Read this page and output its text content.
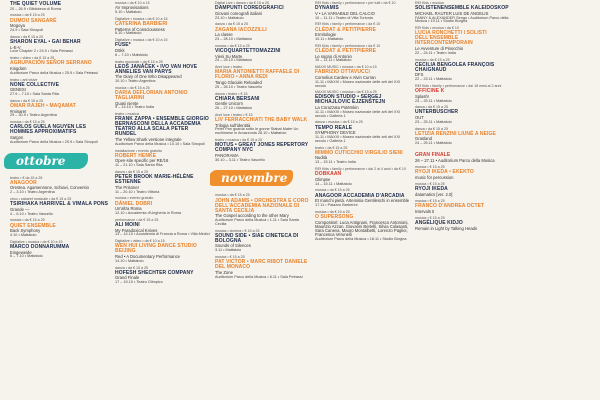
THE QUIET VOLUME
20 – 26.9 • Biblioteca di Roma
musica • da € 15 a 25
DUMOU SANGARÉ
Mogoya
24.9 • Sala Sinopoli
danza • da € 15 a 20
SHARON EYAL • GAI BEHAR
L-E-V
Love Chapter 2 • 24.9 • Sala Petrassi
teatro • video • da € 15 a 25
AGRUPACIÓN SEÑOR SERRANO
Kingdom
Auditorium Parco della Musica • 25.9 • Sala Petrassi
teatro • arti visive
NONE COLLECTIVE
GENESI
27.9 – 7.10 • Sala Santa Rita
danza • da € 15 a 25
OMAR RAJEH • MAQAMAT
#minaret
29 – 30.9 • Teatro Argentina
musica • da € 15 a 25
CARLOS GUELA NGUYEN LES HOMMES APPROXIMATIFS
Saïgon
Auditorium Parco della Musica • 29.9 • Sala Sinopoli
ottobre
teatro • € da 15 a 25
ANAGOOR
Orestea. Agamennone, Schiavi, Conversio
2 – 3.10 • Teatro Argentina
circo • cabaret musicale • da € 15 a 25
TSIRIHAKA HARRIVEL & VIMALA PONS
Grande —
4 – 6.10 • Teatro Vascello
musica • da € 15 a 25
QUIET ENSEMBLE
Back Symphony
4.10 • Mattatoio
Digitalive • musica • da € 10 a 15
MARCO DONNARUMMA
Eingeweide
6 – 7.10 • Mattatoio
musica • da € 10 a 15
AV Improvisations
5.10 • Mattatoio
Digitalive • musica • da € 10 a 15
CATERINA BARBIERI
Patterns of Consciousness
6.10 • Mattatoio
Digitalive • musica • da € 10 a 15
FUSE*
Dökk
6 – 7.10 • Mattatoio
teatro musicale • da € 15 a 25
LEOŠ JANÁČEK • IVO VAN HOVE ANNELIES VAN PARYS
The Diary of One Who Disappeared
10.10 • Teatro Argentina
musica • da € 15 a 25
DARIA DEFLORIAN ANTONIO TAGLIARINI
Quasi niente
9 – 14.10 • Teatro India
teatro • musica
FRANK ZAPPA • ENSEMBLE GIORGIO BERNASCONI DELLA ACCADEMIA TEATRO ALLA SCALA PETER RUNDEL
The Yellow Shark versione integrale
Auditorium Parco della Musica • 10.10 • Sala Sinopoli
installazione • evento gratuito
ROBERT HENKE
Open-site specific per RE/18
11 – 21.10 • Sala Santa Rita
danza • da € 15 a 25
PETER BROOK MARIE-HÉLÈNE ESTIENNE
The Prisoner
11 – 20.10 • Teatro Vittoria
musica • evento gratuito
DÁNIEL DOBRI
Un'altra Roma
12.10 • Accademia d'Ungheria in Roma
performance • da € 15 a 25
ALI MOINI
My Paradoxical Knives
13 – 14.10 • Accademia di Francia a Roma • Villa Medici
Digitalive • video • da € 10 a 15
WEN HUI LIVING DANCE STUDIO BEIJING
Red • A Documentary Performance
14.10 • Mattatoio
danza • da € 15 a 25
HOFESH SHECHTER COMPANY
Grand Finale
17 – 19.10 • Teatro Olimpico
Digital Live • danza • da € 15 a 25
DAMPUNTI COREOGRAFICI
Giovani coreografi italiani
23.10 • Mattatoio
danza • da € 15 a 25
ZAGANA IACOZZILLI
La classe
23 – 28.10 • Mattatoio
musica • da € 15 a 25
VICOQUARTETTOMAZZINI
Vieni Su Marte
24 – 25.10 • Mattatoio
Anni luce • teatro
MARIA ANTONIETTI RAFFAELE DI FLORIO • ANNA REDI
Tango Glaciale Reloaded
25 – 28.10 • Teatro Vascello
danza • teatro • € 15
CHIARA BERSANI
Gentle Unicorn
26 – 27.10 • Mattatoio
Anni luce • teatro • € 15
LIV FERRACCHIATI THE BABY WALK
Trilogia sull'identità
Peter Pan guarda sotto le gonne Stabat Mater Un eschimese in Amazzonia 28.10 • Mattatoio
teatro • musica • da € 15 a 25
MOTUS • GREAT JONES REPERTORY COMPANY NYC
PANORAMA
30.10 – 3.11 • Teatro Vascello
novembre
musica • da € 15 a 25
JOHN ADAMS • ORCHESTRA E CORO DELL'ACCADEMIA NAZIONALE DI SANTA CECILIA
The Gospel according to the other Mary
Auditorium Parco della Musica • 1.11 • Sala Santa Cecilia
musica • cinema • € 15 a 25
SOUND SIDE • SIAE CINETECA DI BOLOGNA
Sounds of Silences
3.11 • Mattatoio
musica • € 15 a 25
PAT VICTOR • MARC RIBOT DANIELE DEL MONACO
The Zone
Auditorium Parco della Musica • 6.11 • Sala Petrassi
REf Kids • family • performance • per tutti • da € 10
DYNAMIS
V • LA VARIABILE DEL CALCIO
10 – 11.11 • Teatro di Villa Torlonia
REf Kids • family • performance • da € 10
CLÉDAT & PETITPIERRE
Ermitologie
10.11 • Mattatoio
REf Kids • family • performance • da € 10
CLÉDAT & PETITPIERRE
Le sogno di Antonio
10 – 11.11 • Mattatoio
MAXXI MUSIC • musica • da € 10 a 15
FABRIZIO OTTAVUCCI
Cornelius Cardew e Alvin Curran
11.11 • MAXXI • Museo nazionale delle arti del XXI secolo
MAXXI MUSIC • musica • da € 15 a 25
EDISON STUDIO • SERGEJ MICHAJLOVIC ĖJZENŠTEJN
La Corazzata Potëmkin
11.11 • MAXXI • Museo nazionale delle arti del XXI secolo • Galleria 1
danza • musica • da € 15 a 25
TEMPO REALE
SYMPHONY DEVICE
11.11 • MAXXI • Museo nazionale delle arti del XXI secolo • Galleria 1
teatro • da € 15 a 25
MIMMO CUTICCHIO VIRGILIO SIENI
Nudità
13 – 15.11 • Teatro India
REf Kids • family • performance • dai 2 ai 4 anni • da € 10
DOBKAAN
Glimpse
14 – 15.11 • Mattatoio
musica • da € 15 a 25
ANAGOOR ACCADEMIA D'ARCADIA
Et manchi pietà. Artemisia Gentileschi in ensemble
17.11 • Palazzo Barberini
musica • da € 15 a 25
O SUPERSONG
Compositori: Luca Antignani, Francesco Antonioni, Maurizio Azzan, Giovanni Bertelli, Silvia Colasanti, Sara Caneva, Mauro Montalbetti, Lorenzo Pagliei, Francesca Verunelli
Auditorium Parco della Musica • 18.11 • Studio Borgna
REf Kids • musica
SOLISTENENSEMBLE KALEIDOSKOP
MICHAEL RAUTER LUIS DE ANGELIS
FANNY & ALEXANDER Sengo • Auditorium Parco della Musica • 19.11 • Studio Borgna
REf Kids • musica • da € 10
LUCIA RONCHETTI I SOLISTI DELL'ENSEMBLE INTERCONTEMPORAIN
Le Avventure di Pinocchio
22 – 24.11 • Teatro India
musica • da € 15 a 25
CECILIA BENGOLEA FRANÇOIS CHAIGNAUD
DFS
22 – 23.11 • Mattatoio
REf Kids • family • performance • dai 18 mesi ai 2 anni
OFFICINE K
Splash!
23 – 25.11 • Mattatoio
danza • da € 15 a 25
UNTERBUSCHER
OUT
23 – 25.11 • Mattatoio
danza • da € 15 a 25
LETIZIA RENZINI LIUNÉ A NEIGE
Grasland
24 – 25.11 • Mattatoio
GRAN FINALE
26 – 27.11 • Auditorium Parco della Musica
musica • € 15 a 25
RYOJI IKEDA • EKEKTO
music for percussion
musica • € 15 a 25
RYOJI IKEDA
datamatics [ver. 2.0]
musica • € 15 a 25
FRANCO D'ANDREA OCTET
Intervals II
musica • € 15 a 25
ANGÉLIQUE KIDJO
Remain in Light by Talking Heads
